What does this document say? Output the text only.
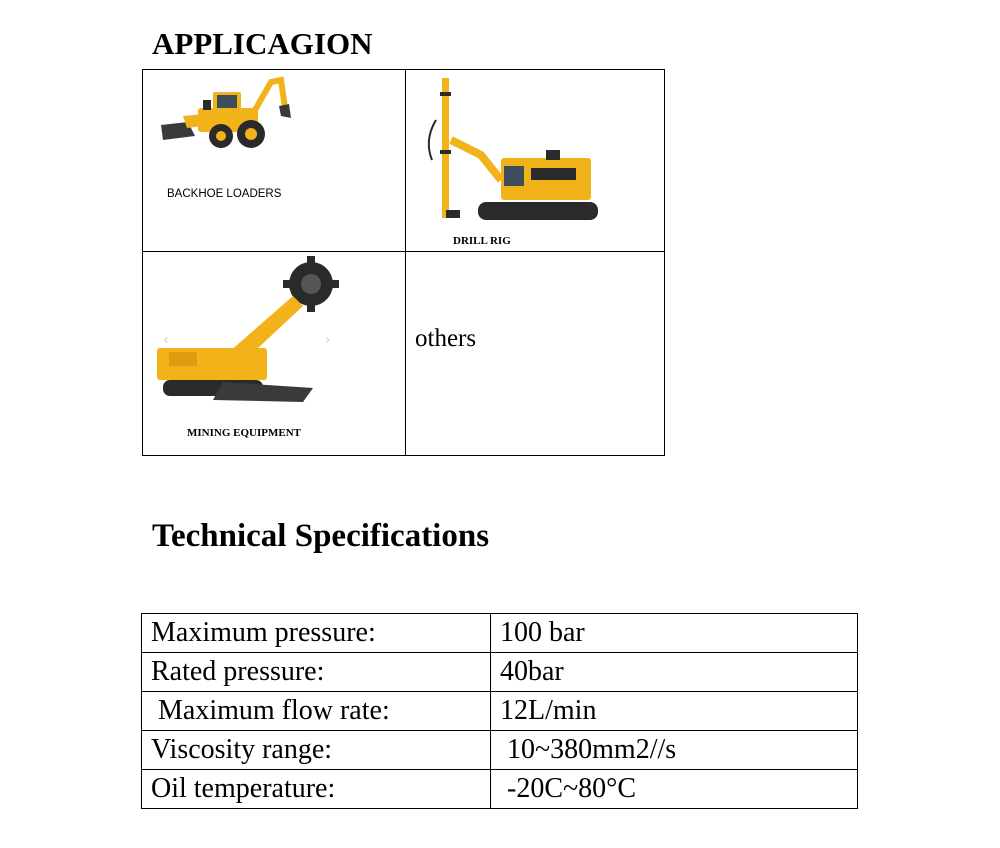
APPLICAGION
BACKHOE LOADERS
DRILL RIG
‹	›
MINING EQUIPMENT
others
Technical Specifications
Maximum pressure:	100 bar
Rated pressure:	40bar
Maximum flow rate:	12L/min
Viscosity range:	10~380mm2//s
Oil temperature:	-20C~80°C
